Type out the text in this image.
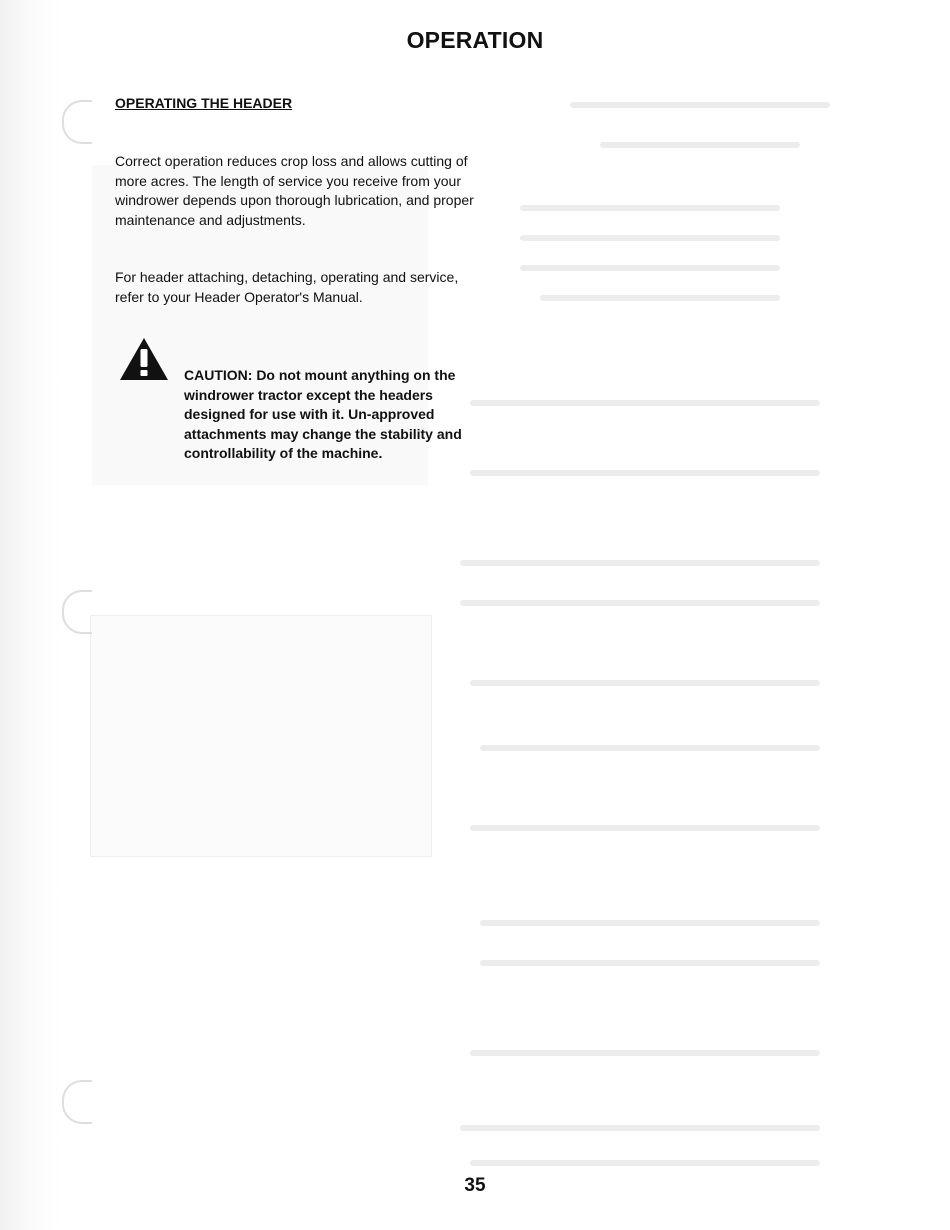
OPERATION
OPERATING THE HEADER
Correct operation reduces crop loss and allows cutting of more acres. The length of service you receive from your windrower depends upon thorough lubrication, and proper maintenance and adjustments.
For header attaching, detaching, operating and service, refer to your Header Operator's Manual.
CAUTION: Do not mount anything on the windrower tractor except the headers designed for use with it. Un-approved attachments may change the stability and controllability of the machine.
35
